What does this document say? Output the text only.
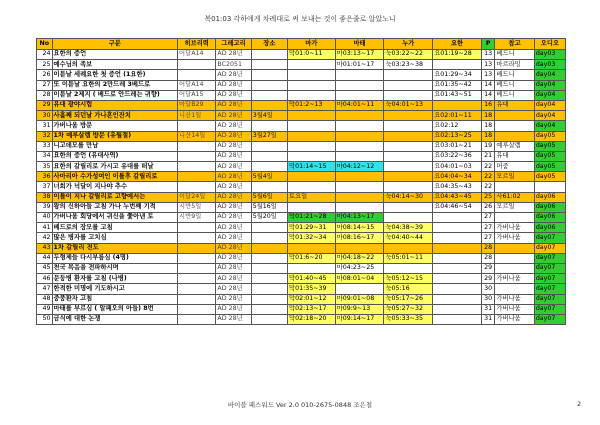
복01:03 각하에게 차례대로 써 보내는 것이 좋은줄로 알았노니
No	구분	히브리력	그레고리	장소	마가	마태	누가	요한	P	참고	오디오
24	요한의 증언	어달A14	AD 28년		막01:0~11	마03:13~17	눅03:22~22	요01:19~28	13	베드니	day03
25	예수님의 족보		BC2051			마01:01~17	눅03:23~38		13	마르라밍	day03
26	이튿날 세례요한 첫 증언 (1요한)		AD 28년					요01:29~34	13	베드니	day04
27	또 이튿날 요한의 2만드레 3베드로	어달A14	AD 28년					요01:35~42	14	베드니	day04
28	이튿날 2제지 ( 베드로 안드레는 귀향)	어달A15	AD 28년					요01:43~51	14	베드니	day04
29	유대 광야시험	마달B29	AD 28년		막01:2~13	마04:01~11	눅04:01~13		16	유대	day04
30	사흘째 되던날 가나혼인잔치	니산1일	AD 28년	3월4일				요02:01~11	18		day04
31	가버나움 방문		AD 28년					요02:12	18		day04
32	1차 예루살렘 방문 (유월절)	니산14일	AD 28년	3월27일				요02:13~25	18		day05
33	니고데모를 만남		AD 28년					요03:01~21	19	예루살렘	day05
34	요한의 증언 (유대사역)		AD 28년					요03:22~36	21	유대	day05
35	요한의 갈릴리로 가시고 유대를 떠날		AD 28년		막01:14~15	마04:12~12		요04:01~03	22	머줌	day05
36	사마리아 수가성여인 이틀후 갈릴리로		AD 28년	5월4일				요04:04~34	22	모르일	day05
37	너희가 넉달이 지나야 추수		AD 28년					요04:35~43	22		
38	이틀이 지나 갈릴리로 고향에서는	이달24일	AD 28년	5월6일	토요일		눅04:14~30	요04:43~45	25	사61:02	day06
39	왕의 신하아들 고침 가나 누번째 기적	시반5일	AD 28년	5월16일				요04:46~54	26	모르일	day06
40	가버나움 회당에서 귀신을 쫓아낸 토	시반9일	AD 28년	5월20일	막01:21~28	마04:13~17			27		day06
41	베드로의 장모를 고침		AD 28년		막01:29~31	마08:14~15	눅04:38~39		27	가버나움	day06
42	많은 병자를 고치심		AD 28년		막01:32~34	마08:16~17	눅04:40~44		27	가버나움	day07
43	1차 갈릴리 전도		AD 28년						28		day07
44	두형제들 다시부름심 (4명)		AD 28년		막01:6~20	마04:18~22	눅05:01~11		28		day07
45	천국 복음을 전파하시며		AD 28년			마04:23~25			29		day07
46	문둥병 환자를 고침 (나병)		AD 28년		막01:40~45	마08:01~04	눅05:12~15		29	가버나움	day07
47	한적한 미명에 기도하시고		AD 28년		막01:35~39		눅05:16		30		day07
48	중풍환자 고침		AD 28년		막02:01~12	마09:01~08	눅05:17~26		30	가버나움	day07
49	마태를 부르심 ( 알패오의 아들) 8번		AD 28년		막02:13~17	마09:9~13	눅05:27~32		31	가버나움	day07
50	금식에 대한 논쟁		AD 28년		막02:18~20	마09:14~17	눅05:33~35		31	가버나움	day07
바이블 패스워드 Ver 2.0 010-2675-0848 조은철	2
